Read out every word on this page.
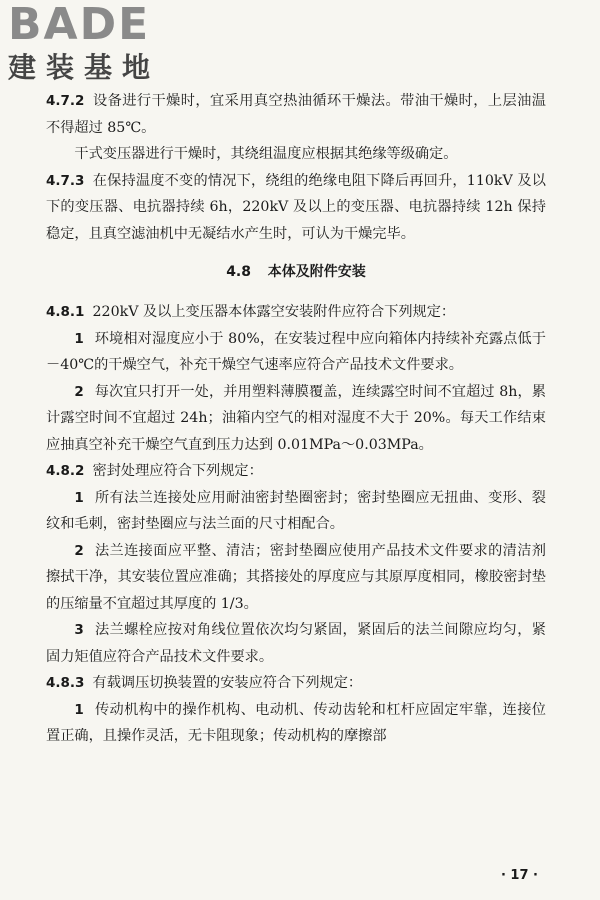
BADE
建装基地

4.7.2 设备进行干燥时，宜采用真空热油循环干燥法。带油干燥时，上层油温不得超过 85℃。

干式变压器进行干燥时，其绕组温度应根据其绝缘等级确定。

4.7.3 在保持温度不变的情况下，绕组的绝缘电阻下降后再回升，110kV 及以下的变压器、电抗器持续 6h，220kV 及以上的变压器、电抗器持续 12h 保持稳定，且真空滤油机中无凝结水产生时，可认为干燥完毕。

4.8 本体及附件安装

4.8.1 220kV 及以上变压器本体露空安装附件应符合下列规定：

1 环境相对湿度应小于 80%，在安装过程中应向箱体内持续补充露点低于－40℃的干燥空气，补充干燥空气速率应符合产品技术文件要求。

2 每次宜只打开一处，并用塑料薄膜覆盖，连续露空时间不宜超过 8h，累计露空时间不宜超过 24h；油箱内空气的相对湿度不大于 20%。每天工作结束应抽真空补充干燥空气直到压力达到 0.01MPa～0.03MPa。

4.8.2 密封处理应符合下列规定：

1 所有法兰连接处应用耐油密封垫圈密封；密封垫圈应无扭曲、变形、裂纹和毛刺，密封垫圈应与法兰面的尺寸相配合。

2 法兰连接面应平整、清洁；密封垫圈应使用产品技术文件要求的清洁剂擦拭干净，其安装位置应准确；其搭接处的厚度应与其原厚度相同，橡胶密封垫的压缩量不宜超过其厚度的 1/3。

3 法兰螺栓应按对角线位置依次均匀紧固，紧固后的法兰间隙应均匀，紧固力矩值应符合产品技术文件要求。

4.8.3 有载调压切换装置的安装应符合下列规定：

1 传动机构中的操作机构、电动机、传动齿轮和杠杆应固定牢靠，连接位置正确，且操作灵活，无卡阻现象；传动机构的摩擦部

· 17 ·
